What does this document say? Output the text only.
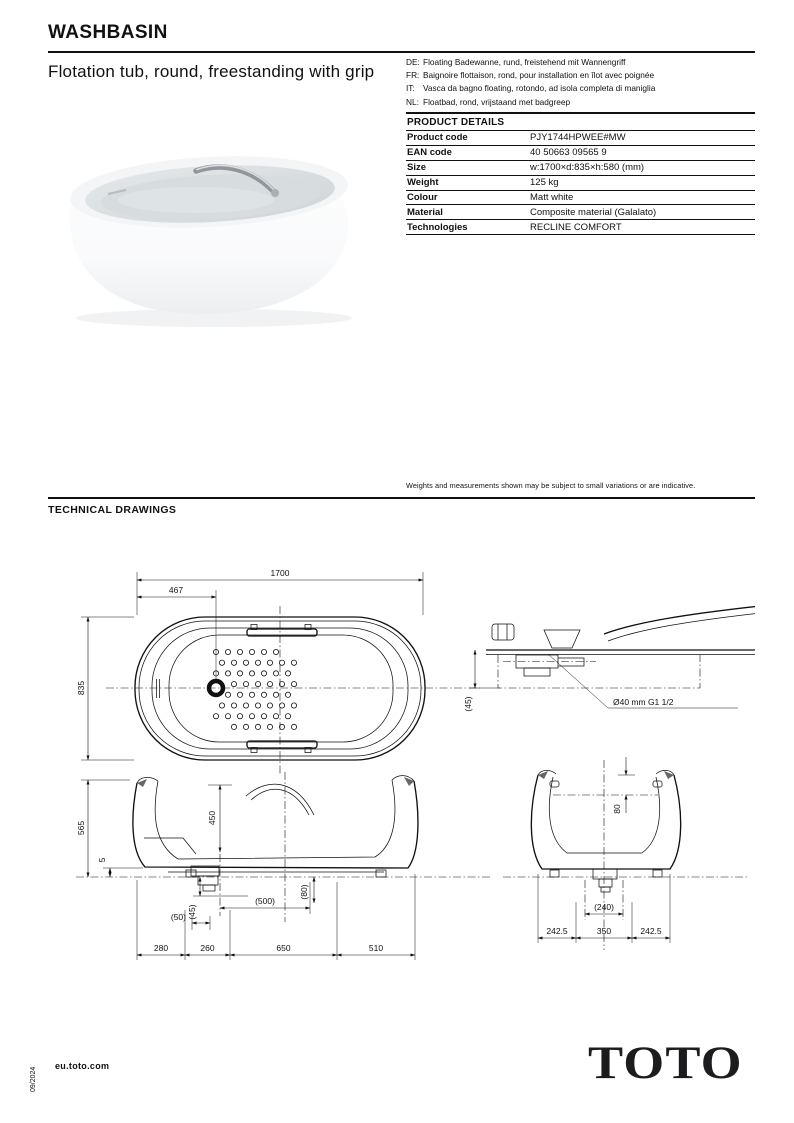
WASHBASIN

Flotation tub, round, freestanding with grip	DE: Floating Badewanne, rund, freistehend mit Wannengriff
FR: Baignoire flottaison, rond, pour installation en îlot avec poignée
IT: Vasca da bagno floating, rotondo, ad isola completa di maniglia
NL: Floatbad, rond, vrijstaand met badgreep
PRODUCT DETAILS
Product code	PJY1744HPWEE#MW
EAN code	40 50663 09565 9
Size	w:1700×d:835×h:580 (mm)
Weight	125 kg
Colour	Matt white
Material	Composite material (Galalato)
Technologies	RECLINE COMFORT

Weights and measurements shown may be subject to small variations or are indicative.

TECHNICAL DRAWINGS
1700
467
835
(45)	Ø40 mm G1 1/2
565
5
450
(45)
(50)
(500)
(80)
280	260	650	510
80
(240)
242.5	350	242.5
09/2024
eu.toto.com	TOTO
